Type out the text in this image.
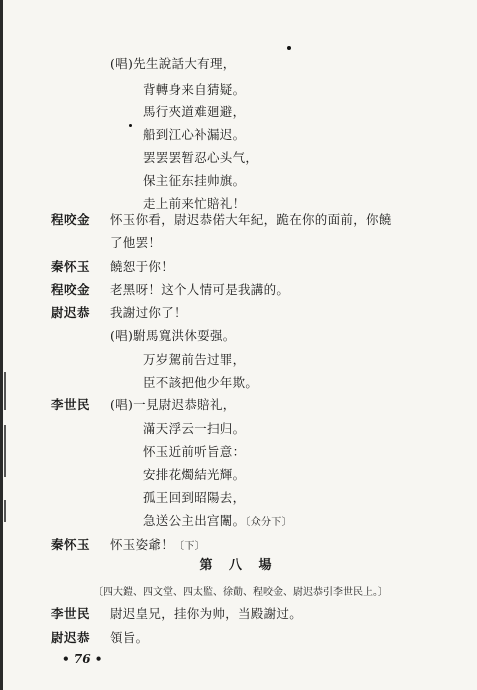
(唱)先生說話大有理，
背轉身来自猜疑。
馬行夾道难廻避，
船到江心补漏迟。
罢罢罢暂忍心头气，
保主征东挂帅旗。
走上前来忙賠礼！
程咬金 怀玉你看，尉迟恭偌大年紀，跪在你的面前，你饒
了他罢！
秦怀玉 饒恕于你！
程咬金 老黑呀！这个人情可是我講的。
尉迟恭 我謝过你了！
(唱)駙馬寬洪休耍强。
万岁駕前告过罪，
臣不該把他少年欺。
李世民 (唱)一見尉迟恭賠礼，
滿天浮云一扫归。
怀玉近前听旨意：
安排花燭結光輝。
孤王回到昭陽去，
急送公主出宫闈。〔众分下〕
秦怀玉 怀玉姿爺！〔下〕
第 八 場
〔四大鎧、四文堂、四太監、徐勣、程咬金、尉迟恭引李世民上。〕
李世民 尉迟皇兄，挂你为帅，当殿謝过。
尉迟恭 領旨。
• 76 •
